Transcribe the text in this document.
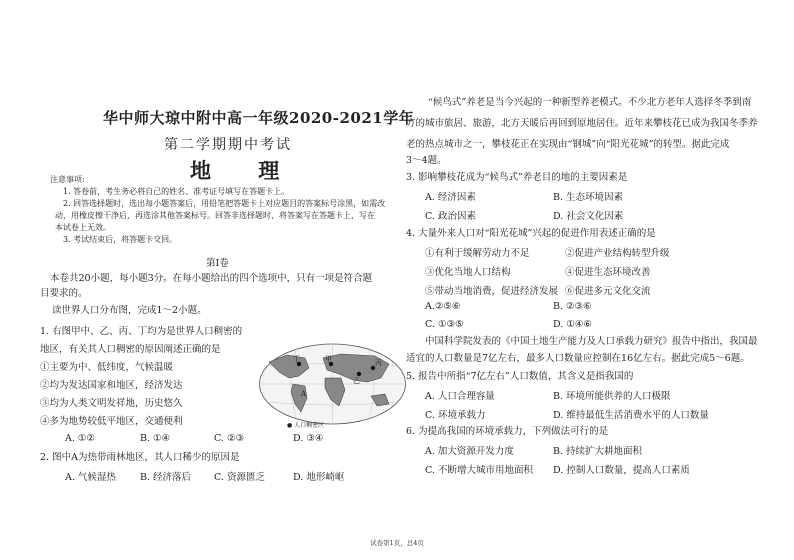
华中师大琼中附中高一年级2020-2021学年
第二学期期中考试
地 理
注意事项:
1. 答卷前，考生务必将自己的姓名、准考证号填写在答题卡上。
2. 回答选择题时，选出每小题答案后，用铅笔把答题卡上对应题目的答案标号涂黑，如需改
动，用橡皮擦干净后，再选涂其他答案标号。回答非选择题时，将答案写在答题卡上，写在
本试卷上无效。
3. 考试结束后，将答题卡交回。
第Ⅰ卷
本卷共20小题，每小题3分。在每小题给出的四个选项中，只有一项是符合题
目要求的。
读世界人口分布图，完成1～2小题。
1. 右图甲中、乙、丙、丁均为是世界人口稠密的
地区，有关其人口稠密的原因阐述正确的是
①主要为中、低纬度，气候温暖
②均为发达国家和地区，经济发达
③均为人类文明发祥地，历史悠久
④多为地势较低平地区，交通便利
A. ①②	B. ①④	C. ②③	D. ③④
甲
乙
丙
丁
A
● 人口稠密区
2. 图中A为热带雨林地区，其人口稀少的原因是
A. 气候湿热	B. 经济落后 C. 资源匮乏	D. 地形崎岖
“候鸟式”养老是当今兴起的一种新型养老模式。不少北方老年人选择冬季到南
方的城市旅居、旅游，北方天暖后再回到原地居住。近年来攀枝花已成为我国冬季养
老的热点城市之一，攀枝花正在实现由“钢城”向“阳光花城”的转型。据此完成
3～4题。
3. 影响攀枝花成为“候鸟式”养老目的地的主要因素是
A. 经济因素	B. 生态环境因素
C. 政治因素	D. 社会文化因素
4. 大量外来人口对“阳光花城”兴起的促进作用表述正确的是
①有利于缓解劳动力不足	②促进产业结构转型升级
③优化当地人口结构	④促进生态环境改善
⑤带动当地消费，促进经济发展 ⑥促进多元文化交流
A.②⑤⑥	B. ②③⑥
C. ①③⑤	D. ①④⑥
中国科学院发表的《中国土地生产能力及人口承载力研究》报告中指出，我国最
适宜的人口数量是7亿左右，最多人口数量应控制在16亿左右。据此完成5～6题。
5. 报告中所指“7亿左右”人口数值，其含义是指我国的
A. 人口合理容量	B. 环境所能供养的人口极限
C. 环境承载力	D. 维持最低生活消费水平的人口数量
6. 为提高我国的环境承载力，下列做法可行的是
A. 加大资源开发力度	B. 持续扩大耕地面积
C. 不断增大城市用地面积 D. 控制人口数量，提高人口素质
试卷第1页，总4页
